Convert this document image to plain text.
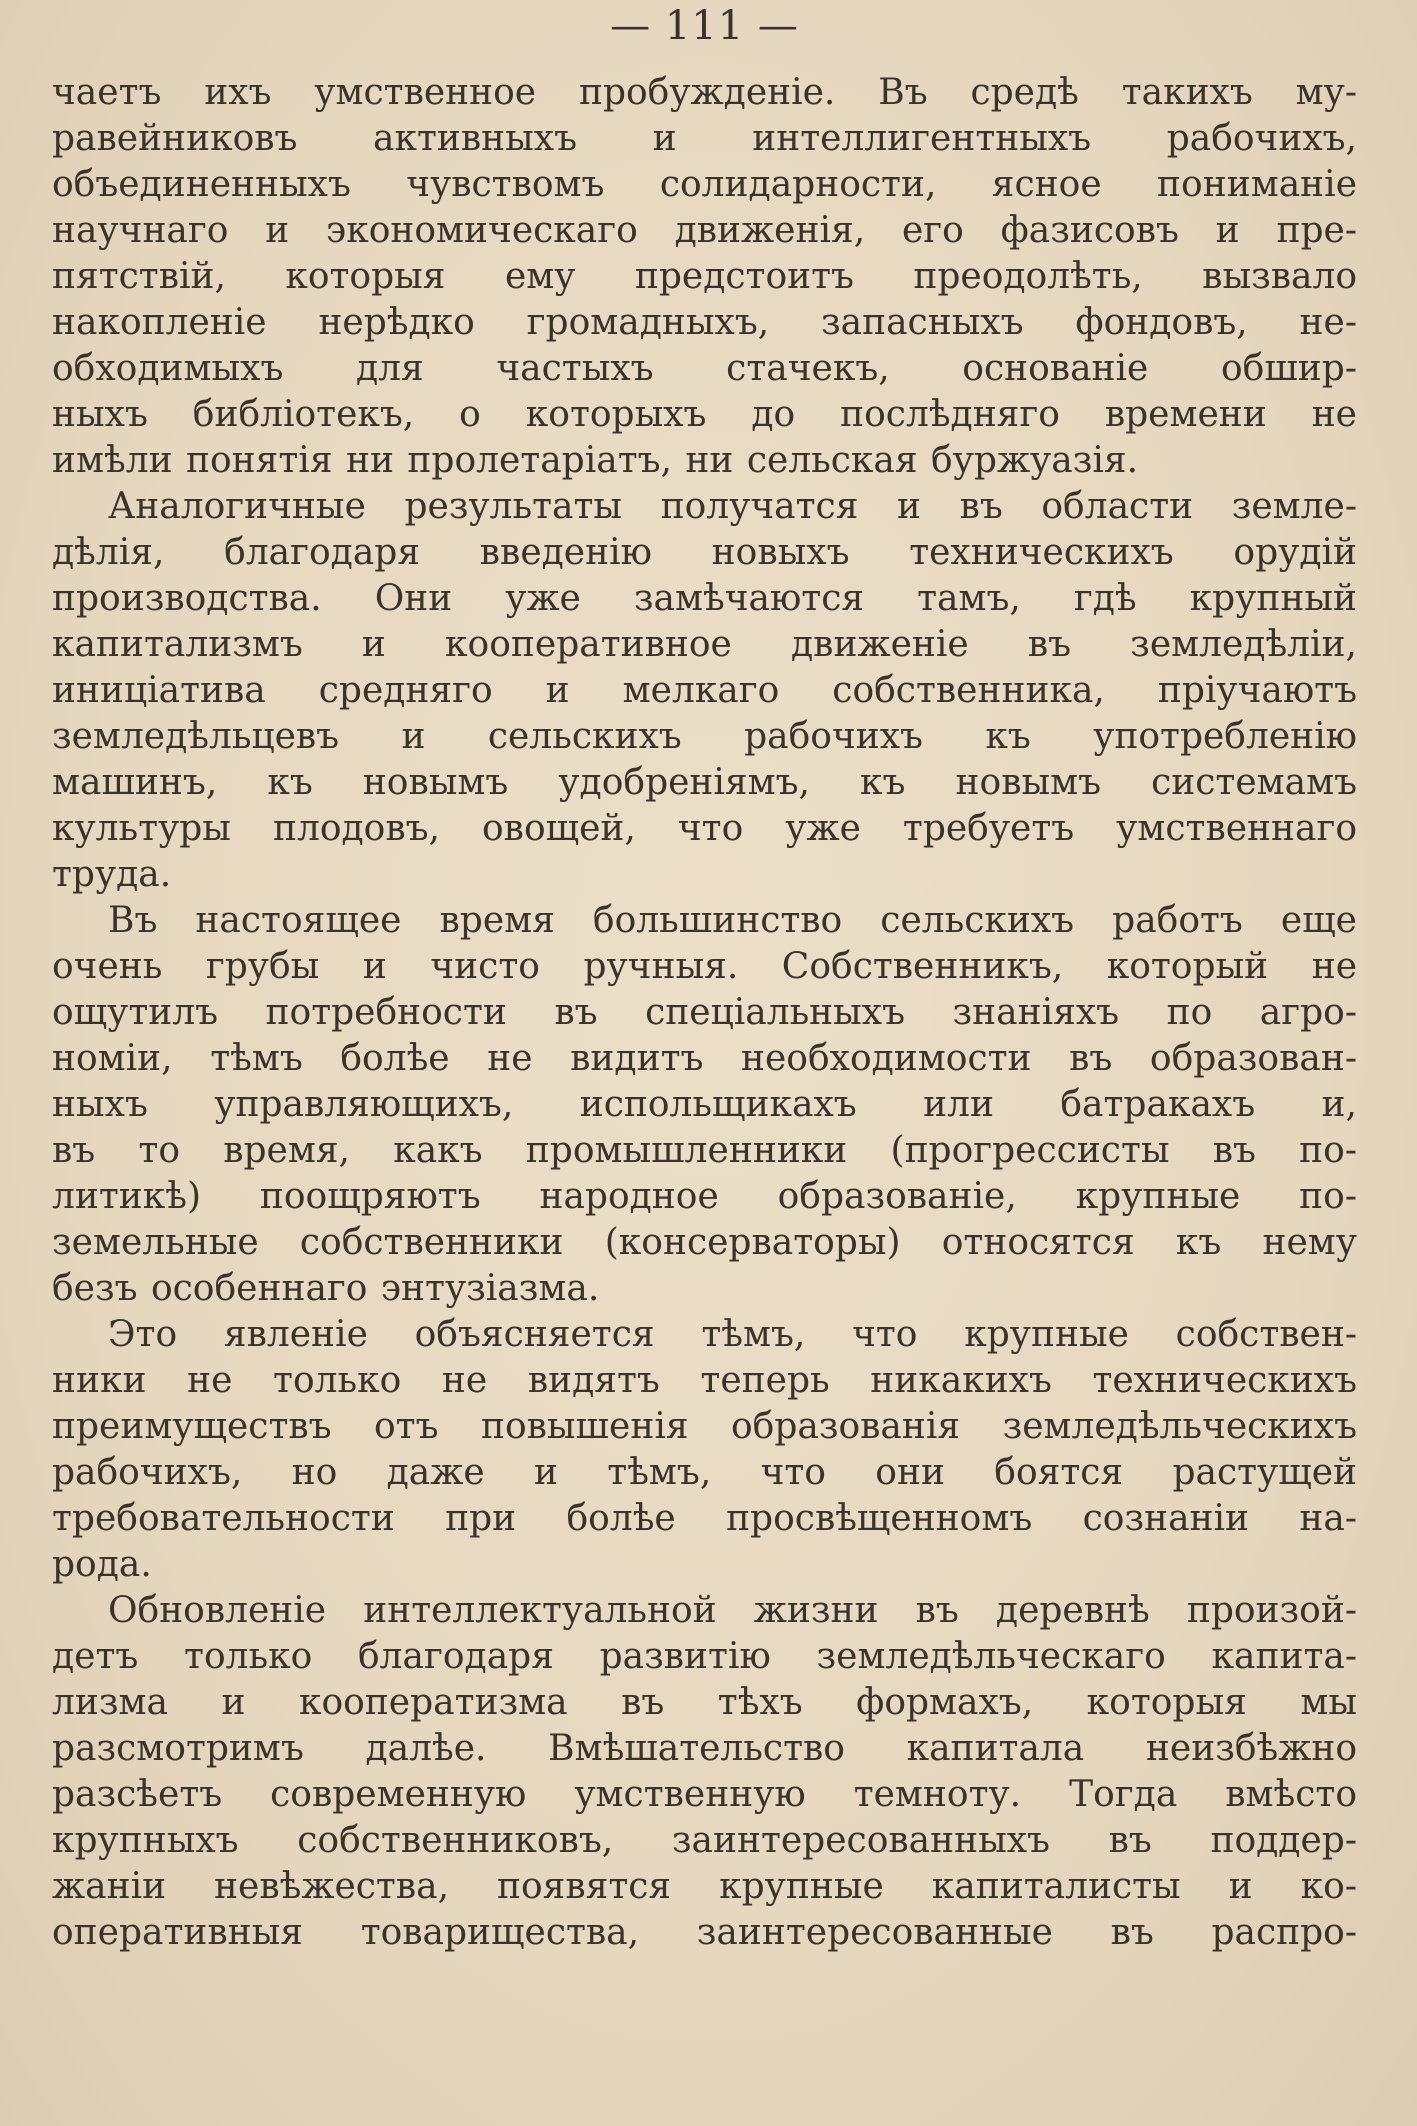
— 111 —
чаетъ ихъ умственное пробужденіе. Въ средѣ такихъ му-
равейниковъ активныхъ и интеллигентныхъ рабочихъ,
объединенныхъ чувствомъ солидарности, ясное пониманіе
научнаго и экономическаго движенія, его фазисовъ и пре-
пятствій, которыя ему предстоитъ преодолѣть, вызвало
накопленіе нерѣдко громадныхъ, запасныхъ фондовъ, не-
обходимыхъ для частыхъ стачекъ, основаніе обшир-
ныхъ библіотекъ, о которыхъ до послѣдняго времени не
имѣли понятія ни пролетаріатъ, ни сельская буржуазія.
Аналогичные результаты получатся и въ области земле-
дѣлія, благодаря введенію новыхъ техническихъ орудій
производства. Они уже замѣчаются тамъ, гдѣ крупный
капитализмъ и кооперативное движеніе въ земледѣліи,
иниціатива средняго и мелкаго собственника, пріучаютъ
земледѣльцевъ и сельскихъ рабочихъ къ употребленію
машинъ, къ новымъ удобреніямъ, къ новымъ системамъ
культуры плодовъ, овощей, что уже требуетъ умственнаго
труда.
Въ настоящее время большинство сельскихъ работъ еще
очень грубы и чисто ручныя. Собственникъ, который не
ощутилъ потребности въ спеціальныхъ знаніяхъ по агро-
номіи, тѣмъ болѣе не видитъ необходимости въ образован-
ныхъ управляющихъ, испольщикахъ или батракахъ и,
въ то время, какъ промышленники (прогрессисты въ по-
литикѣ) поощряютъ народное образованіе, крупные по-
земельные собственники (консерваторы) относятся къ нему
безъ особеннаго энтузіазма.
Это явленіе объясняется тѣмъ, что крупные собствен-
ники не только не видятъ теперь никакихъ техническихъ
преимуществъ отъ повышенія образованія земледѣльческихъ
рабочихъ, но даже и тѣмъ, что они боятся растущей
требовательности при болѣе просвѣщенномъ сознаніи на-
рода.
Обновленіе интеллектуальной жизни въ деревнѣ произой-
детъ только благодаря развитію земледѣльческаго капита-
лизма и кооператизма въ тѣхъ формахъ, которыя мы
разсмотримъ далѣе. Вмѣшательство капитала неизбѣжно
разсѣетъ современную умственную темноту. Тогда вмѣсто
крупныхъ собственниковъ, заинтересованныхъ въ поддер-
жаніи невѣжества, появятся крупные капиталисты и ко-
оперативныя товарищества, заинтересованные въ распро-
